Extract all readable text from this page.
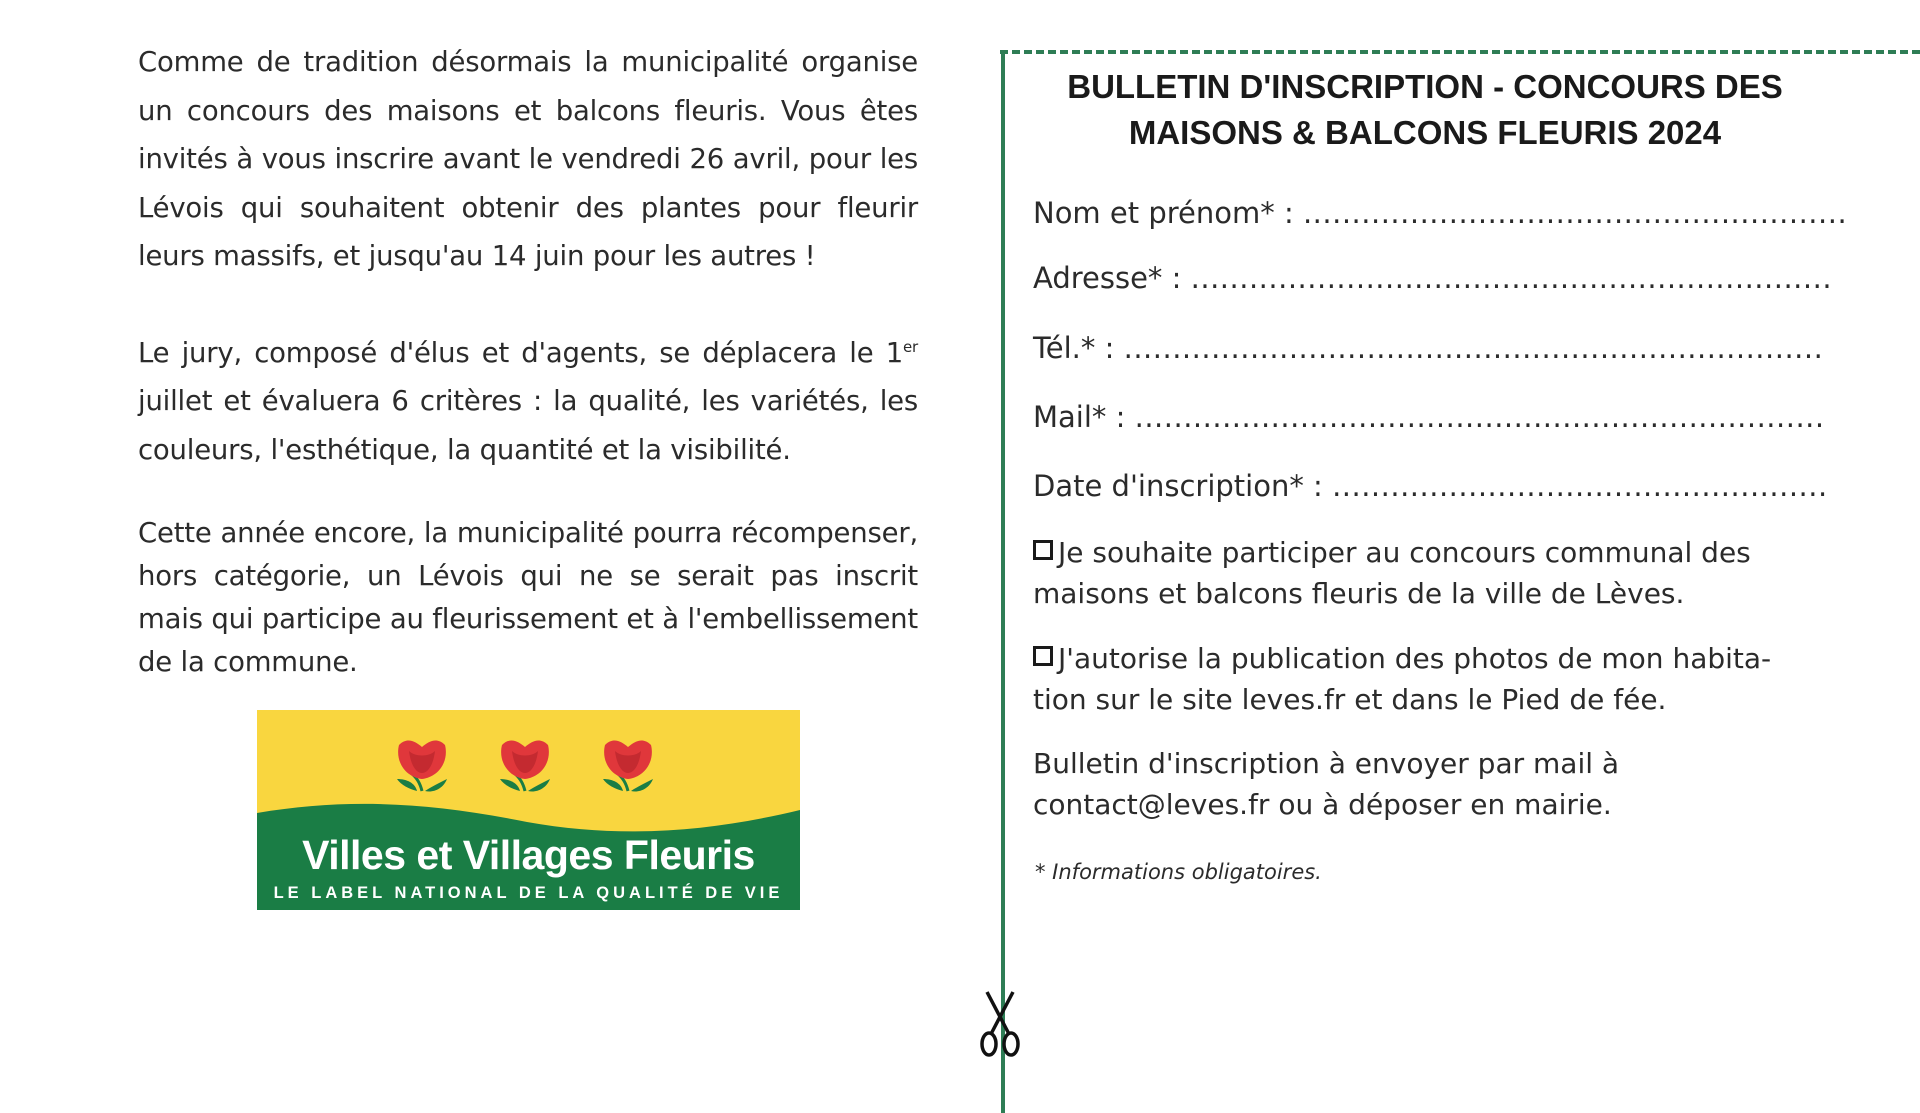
Comme de tradition désormais la municipalité organise un concours des maisons et balcons fleuris. Vous êtes invités à vous inscrire avant le vendredi 26 avril, pour les Lévois qui souhaitent obtenir des plantes pour fleurir leurs massifs, et jusqu'au 14 juin pour les autres !

Le jury, composé d'élus et d'agents, se déplacera le 1er juillet et évaluera 6 critères : la qualité, les variétés, les couleurs, l'esthétique, la quantité et la visibilité.

Cette année encore, la municipalité pourra récompenser, hors catégorie, un Lévois qui ne se serait pas inscrit mais qui participe au fleurissement et à l'embellissement de la commune.

Villes et Villages Fleuris
LE LABEL NATIONAL DE LA QUALITÉ DE VIE
BULLETIN D'INSCRIPTION - CONCOURS DES MAISONS & BALCONS FLEURIS 2024
Nom et prénom* : ........................................................
Adresse* : ..................................................................
Tél.* : ........................................................................
Mail* : .......................................................................
Date d'inscription* : ...................................................
Je souhaite participer au concours communal des maisons et balcons fleuris de la ville de Lèves.
J'autorise la publication des photos de mon habita-tion sur le site leves.fr et dans le Pied de fée.
Bulletin d'inscription à envoyer par mail à contact@leves.fr ou à déposer en mairie.
* Informations obligatoires.
